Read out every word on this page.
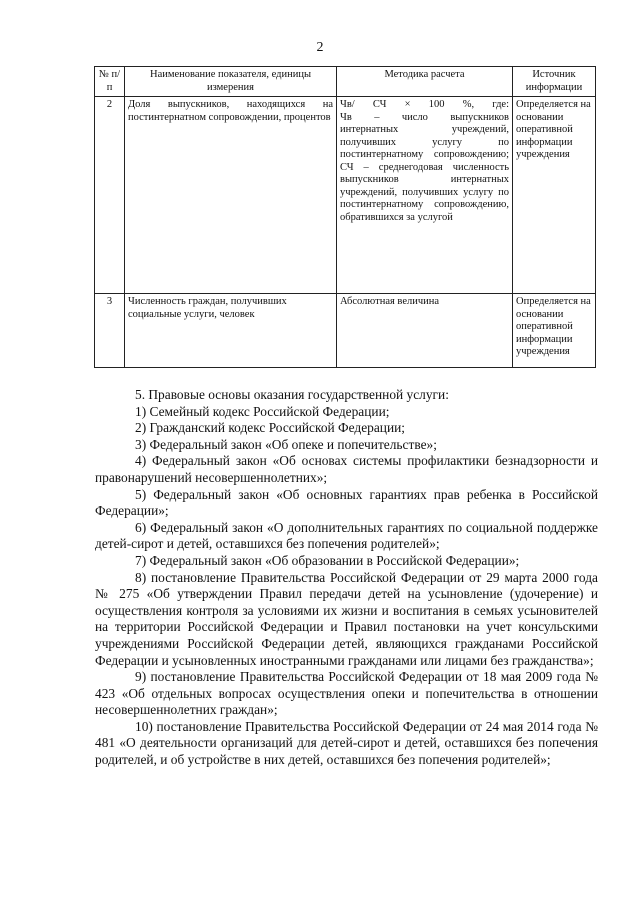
2
№ п/п	Наименование показателя, единицы измерения	Методика расчета	Источник информации
2	Доля выпускников, находящихся на постинтернатном сопровождении, процентов	Чв/ СЧ × 100 %, где:
Чв – число выпускников интернатных учреждений, получивших услугу по постинтернатному сопровождению;
СЧ – среднегодовая численность выпускников интернатных учреждений, получивших услугу по постинтернатному сопровождению, обратившихся за услугой	Определяется на основании оперативной информации учреждения
3	Численность граждан, получивших социальные услуги, человек	Абсолютная величина	Определяется на основании оперативной информации учреждения

5. Правовые основы оказания государственной услуги:

1) Семейный кодекс Российской Федерации;

2) Гражданский кодекс Российской Федерации;

3) Федеральный закон «Об опеке и попечительстве»;

4) Федеральный закон «Об основах системы профилактики безнадзорности и правонарушений несовершеннолетних»;

5) Федеральный закон «Об основных гарантиях прав ребенка в Российской Федерации»;

6) Федеральный закон «О дополнительных гарантиях по социальной поддержке детей-сирот и детей, оставшихся без попечения родителей»;

7) Федеральный закон «Об образовании в Российской Федерации»;

8) постановление Правительства Российской Федерации от 29 марта 2000 года № 275 «Об утверждении Правил передачи детей на усыновление (удочерение) и осуществления контроля за условиями их жизни и воспитания в семьях усыновителей на территории Российской Федерации и Правил постановки на учет консульскими учреждениями Российской Федерации детей, являющихся гражданами Российской Федерации и усыновленных иностранными гражданами или лицами без гражданства»;

9) постановление Правительства Российской Федерации от 18 мая 2009 года № 423 «Об отдельных вопросах осуществления опеки и попечительства в отношении несовершеннолетних граждан»;

10) постановление Правительства Российской Федерации от 24 мая 2014 года № 481 «О деятельности организаций для детей-сирот и детей, оставшихся без попечения родителей, и об устройстве в них детей, оставшихся без попечения родителей»;
